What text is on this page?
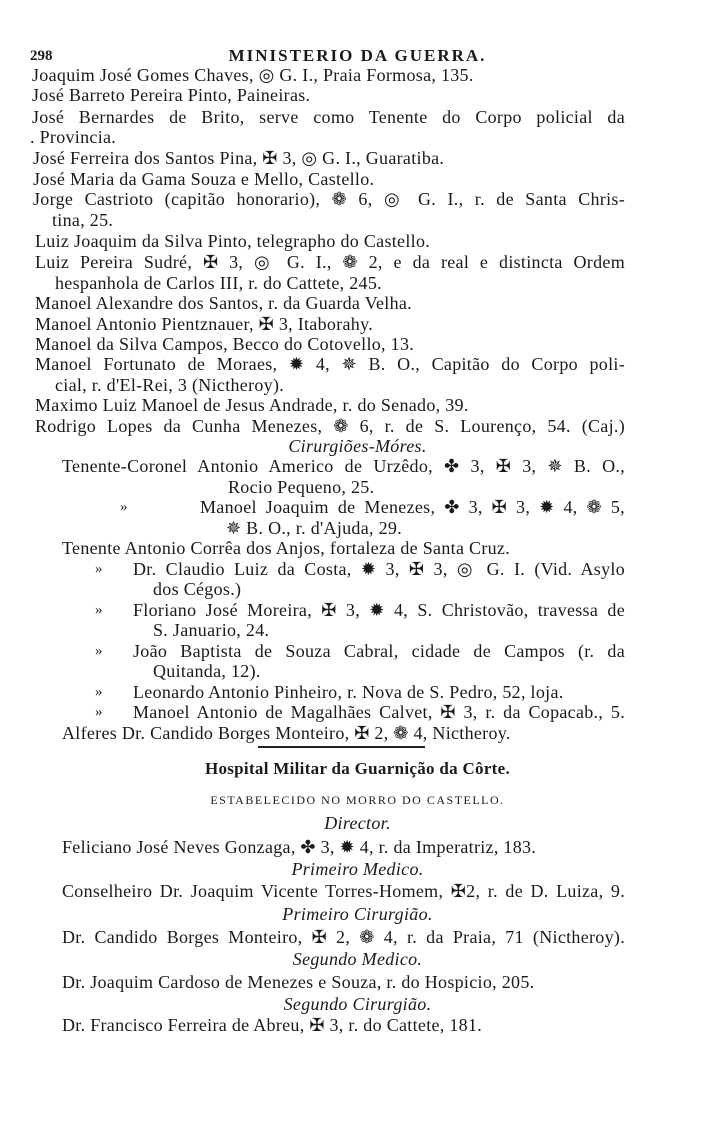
298	MINISTERIO DA GUERRA.
Joaquim José Gomes Chaves, ◎ G. I., Praia Formosa, 135.
José Barreto Pereira Pinto, Paineiras.
José Bernardes de Brito, serve como Tenente do Corpo policial da
. Provincia.
José Ferreira dos Santos Pina, ✠ 3, ◎ G. I., Guaratiba.
José Maria da Gama Souza e Mello, Castello.
Jorge Castrioto (capitão honorario), ❁ 6, ◎ G. I., r. de Santa Chris-
tina, 25.
Luiz Joaquim da Silva Pinto, telegrapho do Castello.
Luiz Pereira Sudré, ✠ 3, ◎ G. I., ❁ 2, e da real e distincta Ordem
hespanhola de Carlos III, r. do Cattete, 245.
Manoel Alexandre dos Santos, r. da Guarda Velha.
Manoel Antonio Pientznauer, ✠ 3, Itaborahy.
Manoel da Silva Campos, Becco do Cotovello, 13.
Manoel Fortunato de Moraes, ✹ 4, ✵ B. O., Capitão do Corpo poli-
cial, r. d'El-Rei, 3 (Nictheroy).
Maximo Luiz Manoel de Jesus Andrade, r. do Senado, 39.
Rodrigo Lopes da Cunha Menezes, ❁ 6, r. de S. Lourenço, 54. (Caj.)
Cirurgiões-Móres.
Tenente-Coronel Antonio Americo de Urzêdo, ✤ 3, ✠ 3, ✵ B. O.,
Rocio Pequeno, 25.
Manoel Joaquim de Menezes, ✤ 3, ✠ 3, ✹ 4, ❁ 5,
»
✵ B. O., r. d'Ajuda, 29.
Tenente Antonio Corrêa dos Anjos, fortaleza de Santa Cruz.
Dr. Claudio Luiz da Costa, ✹ 3, ✠ 3, ◎ G. I. (Vid. Asylo
»
dos Cégos.)
Floriano José Moreira, ✠ 3, ✹ 4, S. Christovão, travessa de
»
S. Januario, 24.
João Baptista de Souza Cabral, cidade de Campos (r. da
»
Quitanda, 12).
Leonardo Antonio Pinheiro, r. Nova de S. Pedro, 52, loja.
»
Manoel Antonio de Magalhães Calvet, ✠ 3, r. da Copacab., 5.
»
Alferes Dr. Candido Borges Monteiro, ✠ 2, ❁ 4, Nictheroy.
Hospital Militar da Guarnição da Côrte.
ESTABELECIDO NO MORRO DO CASTELLO.
Director.
Feliciano José Neves Gonzaga, ✤ 3, ✹ 4, r. da Imperatriz, 183.
Primeiro Medico.
Conselheiro Dr. Joaquim Vicente Torres-Homem, ✠2, r. de D. Luiza, 9.
Primeiro Cirurgião.
Dr. Candido Borges Monteiro, ✠ 2, ❁ 4, r. da Praia, 71 (Nictheroy).
Segundo Medico.
Dr. Joaquim Cardoso de Menezes e Souza, r. do Hospicio, 205.
Segundo Cirurgião.
Dr. Francisco Ferreira de Abreu, ✠ 3, r. do Cattete, 181.
